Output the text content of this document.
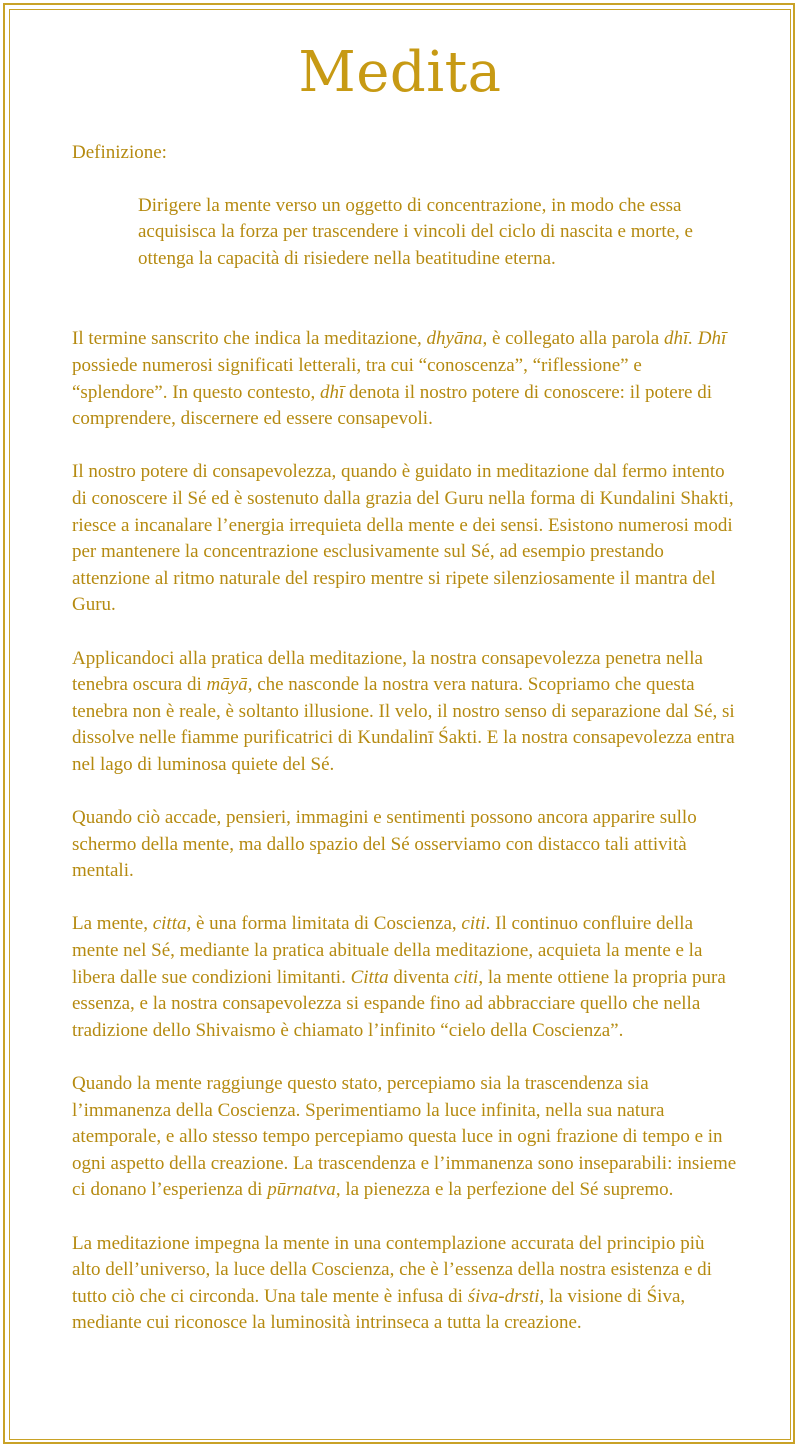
Medita

Definizione:

Dirigere la mente verso un oggetto di concentrazione, in modo che essa acquisisca la forza per trascendere i vincoli del ciclo di nascita e morte, e ottenga la capacità di risiedere nella beatitudine eterna.

Il termine sanscrito che indica la meditazione, dhyāna, è collegato alla parola dhī. Dhī possiede numerosi significati letterali, tra cui “conoscenza”, “riflessione” e “splendore”. In questo contesto, dhī denota il nostro potere di conoscere: il potere di comprendere, discernere ed essere consapevoli.

Il nostro potere di consapevolezza, quando è guidato in meditazione dal fermo intento di conoscere il Sé ed è sostenuto dalla grazia del Guru nella forma di Kundalini Shakti, riesce a incanalare l’energia irrequieta della mente e dei sensi. Esistono numerosi modi per mantenere la concentrazione esclusivamente sul Sé, ad esempio prestando attenzione al ritmo naturale del respiro mentre si ripete silenziosamente il mantra del Guru.

Applicandoci alla pratica della meditazione, la nostra consapevolezza penetra nella tenebra oscura di māyā, che nasconde la nostra vera natura. Scopriamo che questa tenebra non è reale, è soltanto illusione. Il velo, il nostro senso di separazione dal Sé, si dissolve nelle fiamme purificatrici di Kundalinī Śakti. E la nostra consapevolezza entra nel lago di luminosa quiete del Sé.

Quando ciò accade, pensieri, immagini e sentimenti possono ancora apparire sullo schermo della mente, ma dallo spazio del Sé osserviamo con distacco tali attività mentali.

La mente, citta, è una forma limitata di Coscienza, citi. Il continuo confluire della mente nel Sé, mediante la pratica abituale della meditazione, acquieta la mente e la libera dalle sue condizioni limitanti. Citta diventa citi, la mente ottiene la propria pura essenza, e la nostra consapevolezza si espande fino ad abbracciare quello che nella tradizione dello Shivaismo è chiamato l’infinito “cielo della Coscienza”.

Quando la mente raggiunge questo stato, percepiamo sia la trascendenza sia l’immanenza della Coscienza. Sperimentiamo la luce infinita, nella sua natura atemporale, e allo stesso tempo percepiamo questa luce in ogni frazione di tempo e in ogni aspetto della creazione. La trascendenza e l’immanenza sono inseparabili: insieme ci donano l’esperienza di pūrnatva, la pienezza e la perfezione del Sé supremo.

La meditazione impegna la mente in una contemplazione accurata del principio più alto dell’universo, la luce della Coscienza, che è l’essenza della nostra esistenza e di tutto ciò che ci circonda. Una tale mente è infusa di śiva-drsti, la visione di Śiva, mediante cui riconosce la luminosità intrinseca a tutta la creazione.
